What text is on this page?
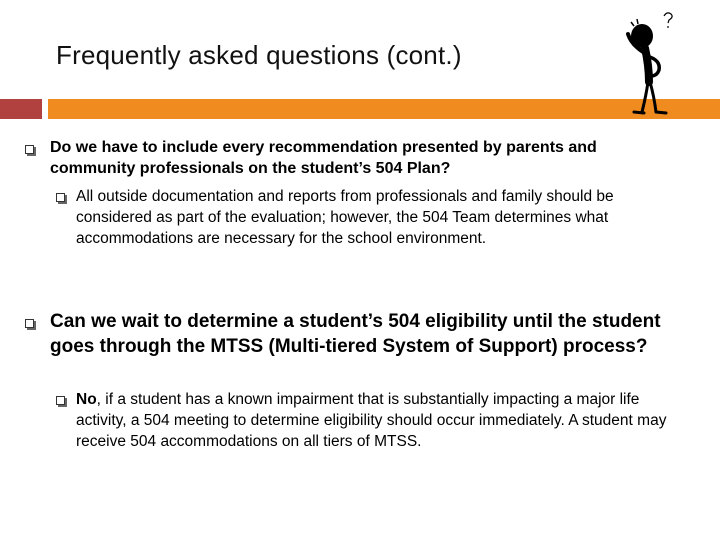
Frequently asked questions (cont.)
Do we have to include every recommendation presented by parents and community professionals on the student’s 504 Plan?
All outside documentation and reports from professionals and family should be considered as part of the evaluation; however, the 504 Team determines what accommodations are necessary for the school environment.
Can we wait to determine a student’s 504 eligibility until the student goes through the MTSS (Multi-tiered System of Support) process?
No, if a student has a known impairment that is substantially impacting a major life activity, a 504 meeting to determine eligibility should occur immediately. A student may receive 504 accommodations on all tiers of MTSS.
